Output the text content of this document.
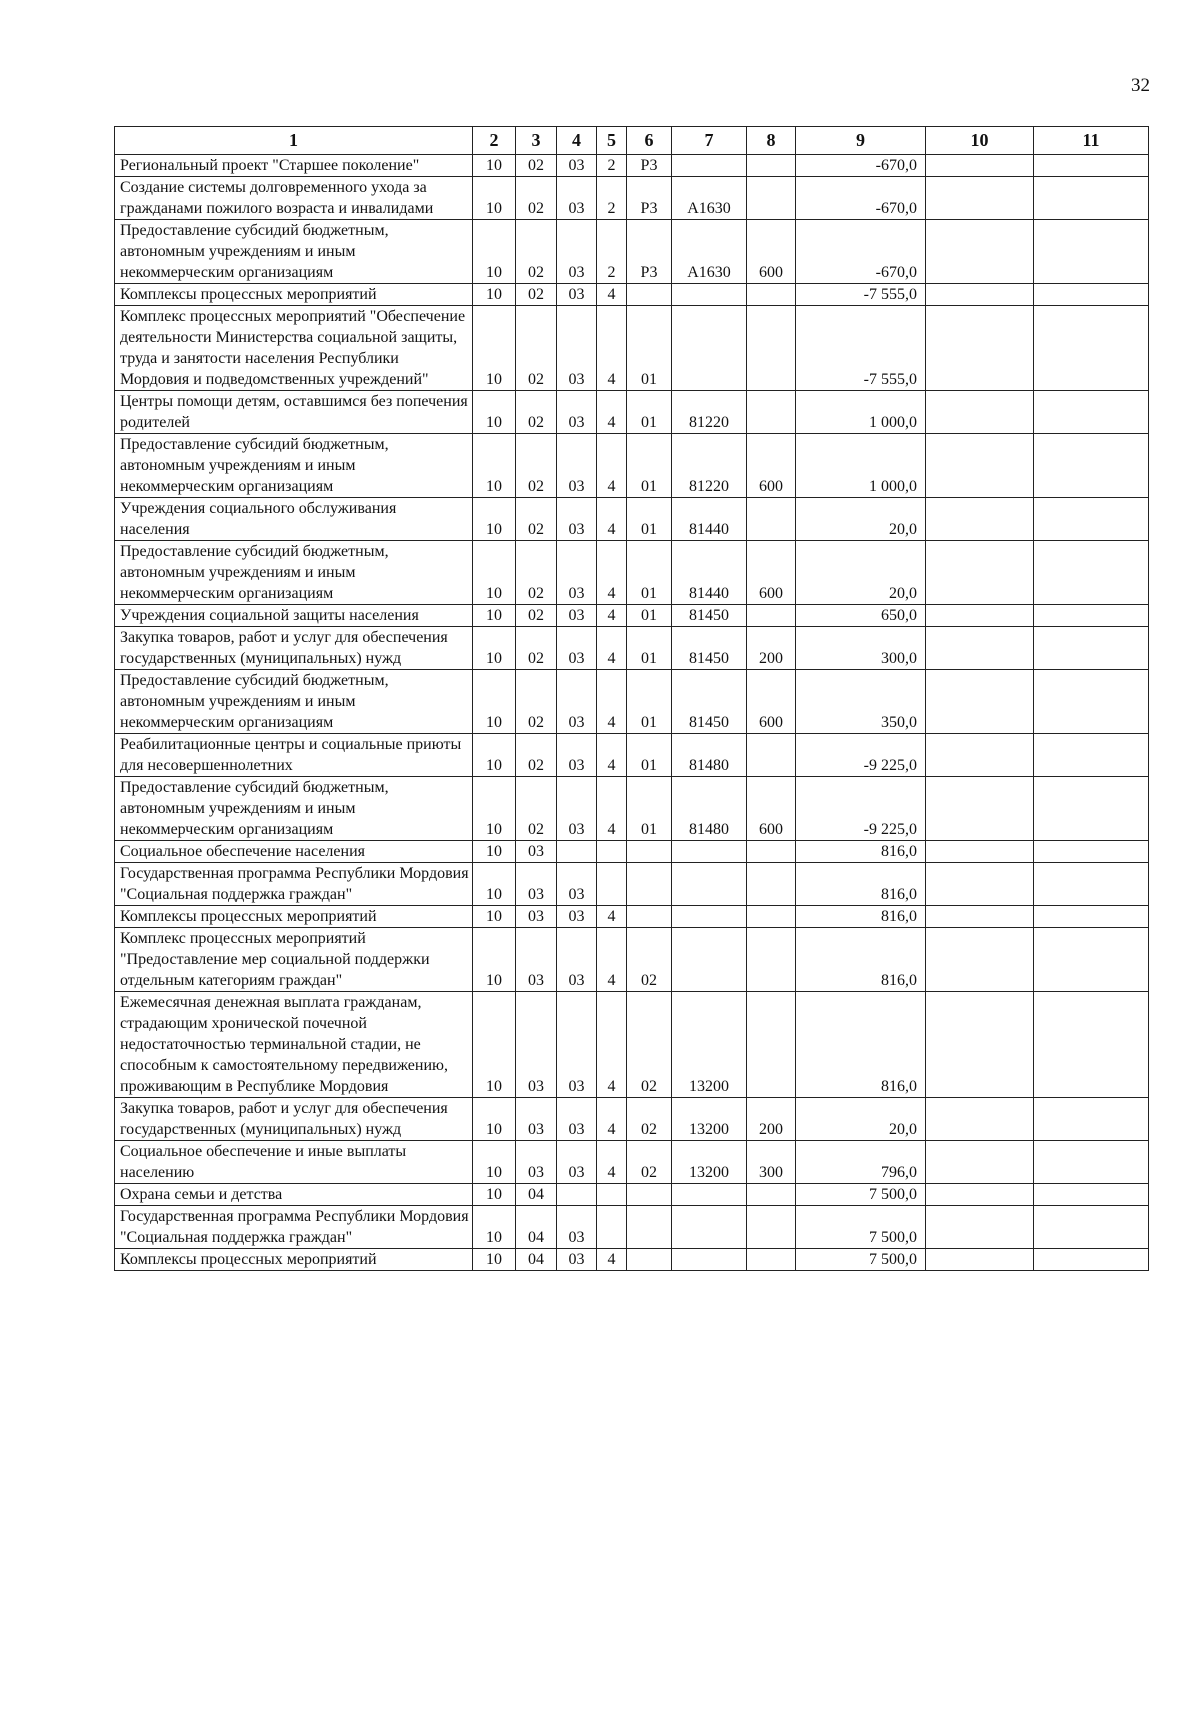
32
1	2	3	4	5	6	7	8	9	10	11
Региональный проект "Старшее поколение"	10	02	03	2	Р3			-670,0		
Создание системы долговременного ухода за гражданами пожилого возраста и инвалидами	10	02	03	2	Р3	А1630		-670,0		
Предоставление субсидий бюджетным, автономным учреждениям и иным некоммерческим организациям	10	02	03	2	Р3	А1630	600	-670,0		
Комплексы процессных мероприятий	10	02	03	4				-7 555,0		
Комплекс процессных мероприятий "Обеспечение деятельности Министерства социальной защиты, труда и занятости населения Республики Мордовия и подведомственных учреждений"	10	02	03	4	01			-7 555,0		
Центры помощи детям, оставшимся без попечения родителей	10	02	03	4	01	81220		1 000,0		
Предоставление субсидий бюджетным, автономным учреждениям и иным некоммерческим организациям	10	02	03	4	01	81220	600	1 000,0		
Учреждения социального обслуживания населения	10	02	03	4	01	81440		20,0		
Предоставление субсидий бюджетным, автономным учреждениям и иным некоммерческим организациям	10	02	03	4	01	81440	600	20,0		
Учреждения социальной защиты населения	10	02	03	4	01	81450		650,0		
Закупка товаров, работ и услуг для обеспечения государственных (муниципальных) нужд	10	02	03	4	01	81450	200	300,0		
Предоставление субсидий бюджетным, автономным учреждениям и иным некоммерческим организациям	10	02	03	4	01	81450	600	350,0		
Реабилитационные центры и социальные приюты для несовершеннолетних	10	02	03	4	01	81480		-9 225,0		
Предоставление субсидий бюджетным, автономным учреждениям и иным некоммерческим организациям	10	02	03	4	01	81480	600	-9 225,0		
Социальное обеспечение населения	10	03						816,0		
Государственная программа Республики Мордовия "Социальная поддержка граждан"	10	03	03					816,0		
Комплексы процессных мероприятий	10	03	03	4				816,0		
Комплекс процессных мероприятий "Предоставление мер социальной поддержки отдельным категориям граждан"	10	03	03	4	02			816,0		
Ежемесячная денежная выплата гражданам, страдающим хронической почечной недостаточностью терминальной стадии, не способным к самостоятельному передвижению, проживающим в Республике Мордовия	10	03	03	4	02	13200		816,0		
Закупка товаров, работ и услуг для обеспечения государственных (муниципальных) нужд	10	03	03	4	02	13200	200	20,0		
Социальное обеспечение и иные выплаты населению	10	03	03	4	02	13200	300	796,0		
Охрана семьи и детства	10	04						7 500,0		
Государственная программа Республики Мордовия "Социальная поддержка граждан"	10	04	03					7 500,0		
Комплексы процессных мероприятий	10	04	03	4				7 500,0		
